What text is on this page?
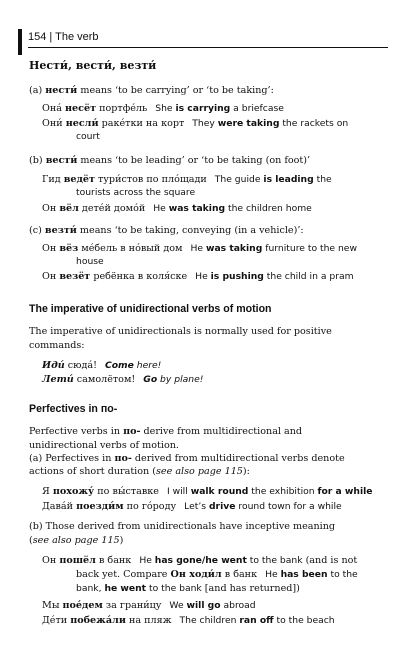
154 | The verb
Нести́, вести́, везти́
(a) нести́ means ‘to be carrying’ or ‘to be taking’:
Она́ несёт портфе́ль She is carrying a briefcase
Они́ несли́ раке́тки на корт They were taking the rackets on
court
(b) вести́ means ‘to be leading’ or ‘to be taking (on foot)’
Гид ведёт тури́стов по пло́щади The guide is leading the
tourists across the square
Он вёл дете́й домо́й He was taking the children home
(c) везти́ means ‘to be taking, conveying (in a vehicle)’:
Он вёз ме́бель в но́вый дом He was taking furniture to the new
house
Он везёт ребёнка в коля́ске He is pushing the child in a pram
The imperative of unidirectional verbs of motion
The imperative of unidirectionals is normally used for positive
commands:
Иди́ сюда́! Come here!
Лети́ самолётом! Go by plane!
Perfectives in по-
Perfective verbs in по- derive from multidirectional and
unidirectional verbs of motion.
(a) Perfectives in по- derived from multidirectional verbs denote
actions of short duration (see also page 115):
Я похожу́ по вы́ставке I will walk round the exhibition for a while
Дава́й поезди́м по го́роду Let’s drive round town for a while
(b) Those derived from unidirectionals have inceptive meaning
(see also page 115)
Он пошёл в банк He has gone/he went to the bank (and is not
back yet. Compare Он ходи́л в банк He has been to the
bank, he went to the bank [and has returned])
Мы пое́дем за грани́цу We will go abroad
Де́ти побежа́ли на пляж The children ran off to the beach
